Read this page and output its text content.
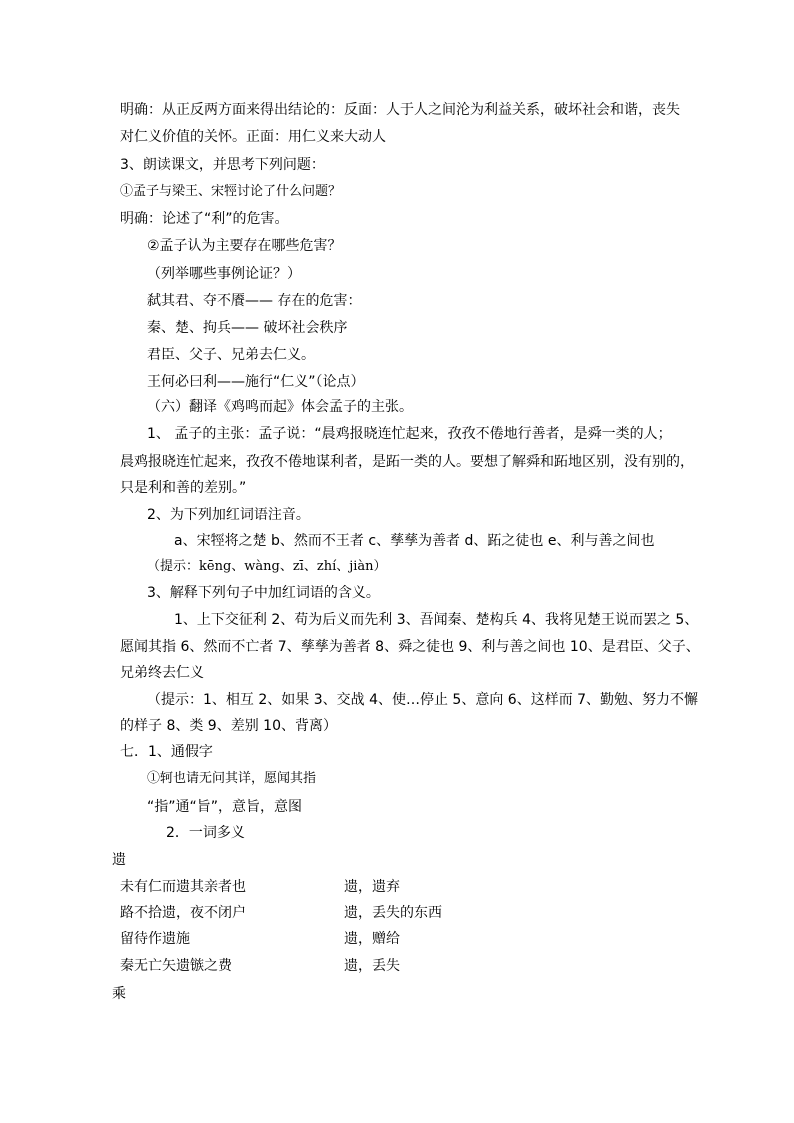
明确：从正反两方面来得出结论的：反面：人于人之间沦为利益关系，破坏社会和谐，丧失
对仁义价值的关怀。正面：用仁义来大动人
3、朗读课文，并思考下列问题：
①孟子与梁王、宋牼讨论了什么问题？
明确：论述了“利”的危害。
②孟子认为主要存在哪些危害？
（列举哪些事例论证？）
弑其君、夺不餍—— 存在的危害：
秦、楚、拘兵—— 破坏社会秩序
君臣、父子、兄弟去仁义。
王何必曰利——施行“仁义”（论点）
（六）翻译《鸡鸣而起》体会孟子的主张。
1、 孟子的主张：孟子说：“晨鸡报晓连忙起来，孜孜不倦地行善者，是舜一类的人；
晨鸡报晓连忙起来，孜孜不倦地谋利者，是跖一类的人。要想了解舜和跖地区别，没有别的，
只是利和善的差别。”
2、为下列加红词语注音。
a、宋牼将之楚 b、然而不王者 c、孳孳为善者 d、跖之徒也 e、利与善之间也
（提示：kēng、wàng、zī、zhí、jiàn）
3、解释下列句子中加红词语的含义。
1、上下交征利 2、苟为后义而先利 3、吾闻秦、楚构兵 4、我将见楚王说而罢之 5、
愿闻其指 6、然而不亡者 7、孳孳为善者 8、舜之徒也 9、利与善之间也 10、是君臣、父子、
兄弟终去仁义
（提示：1、相互 2、如果 3、交战 4、使…停止 5、意向 6、这样而 7、勤勉、努力不懈
的样子 8、类 9、差别 10、背离）
七．1、通假字
①轲也请无问其详，愿闻其指
“指”通“旨”，意旨，意图
2．一词多义
遗
未有仁而遗其亲者也	遗，遗弃
路不拾遗，夜不闭户	遗，丢失的东西
留待作遗施	遗，赠给
秦无亡矢遗镞之费	遗，丢失
乘
